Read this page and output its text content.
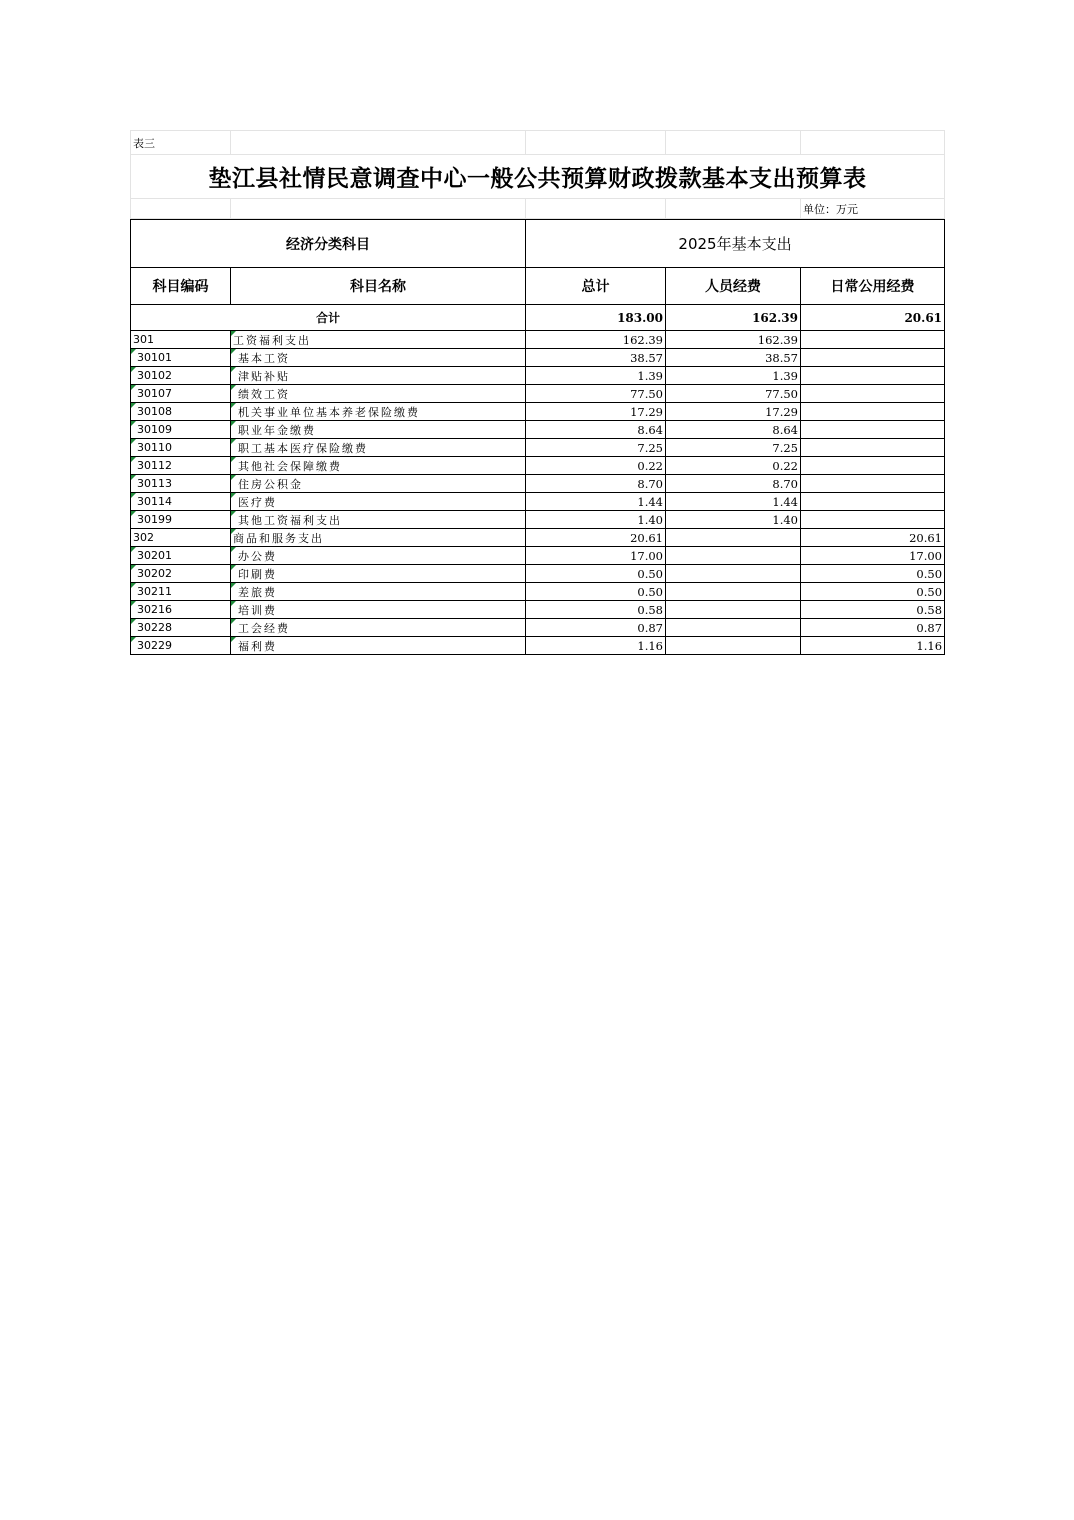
表三				
垫江县社情民意调查中心一般公共预算财政拨款基本支出预算表				
				单位：万元
经济分类科目		2025年基本支出		
科目编码	科目名称	总计	人员经费	日常公用经费
合计		183.00	162.39	20.61
301	工资福利支出	162.39	162.39	

30101	基本工资	38.57	38.57	

30102	津贴补贴	1.39	1.39	

30107	绩效工资	77.50	77.50	

30108	机关事业单位基本养老保险缴费	17.29	17.29	

30109	职业年金缴费	8.64	8.64	

30110	职工基本医疗保险缴费	7.25	7.25	

30112	其他社会保障缴费	0.22	0.22	

30113	住房公积金	8.70	8.70	

30114	医疗费	1.44	1.44	

30199	其他工资福利支出	1.40	1.40	
302	商品和服务支出	20.61		20.61

30201	办公费	17.00		17.00

30202	印刷费	0.50		0.50

30211	差旅费	0.50		0.50

30216	培训费	0.58		0.58

30228	工会经费	0.87		0.87

30229	福利费	1.16		1.16
